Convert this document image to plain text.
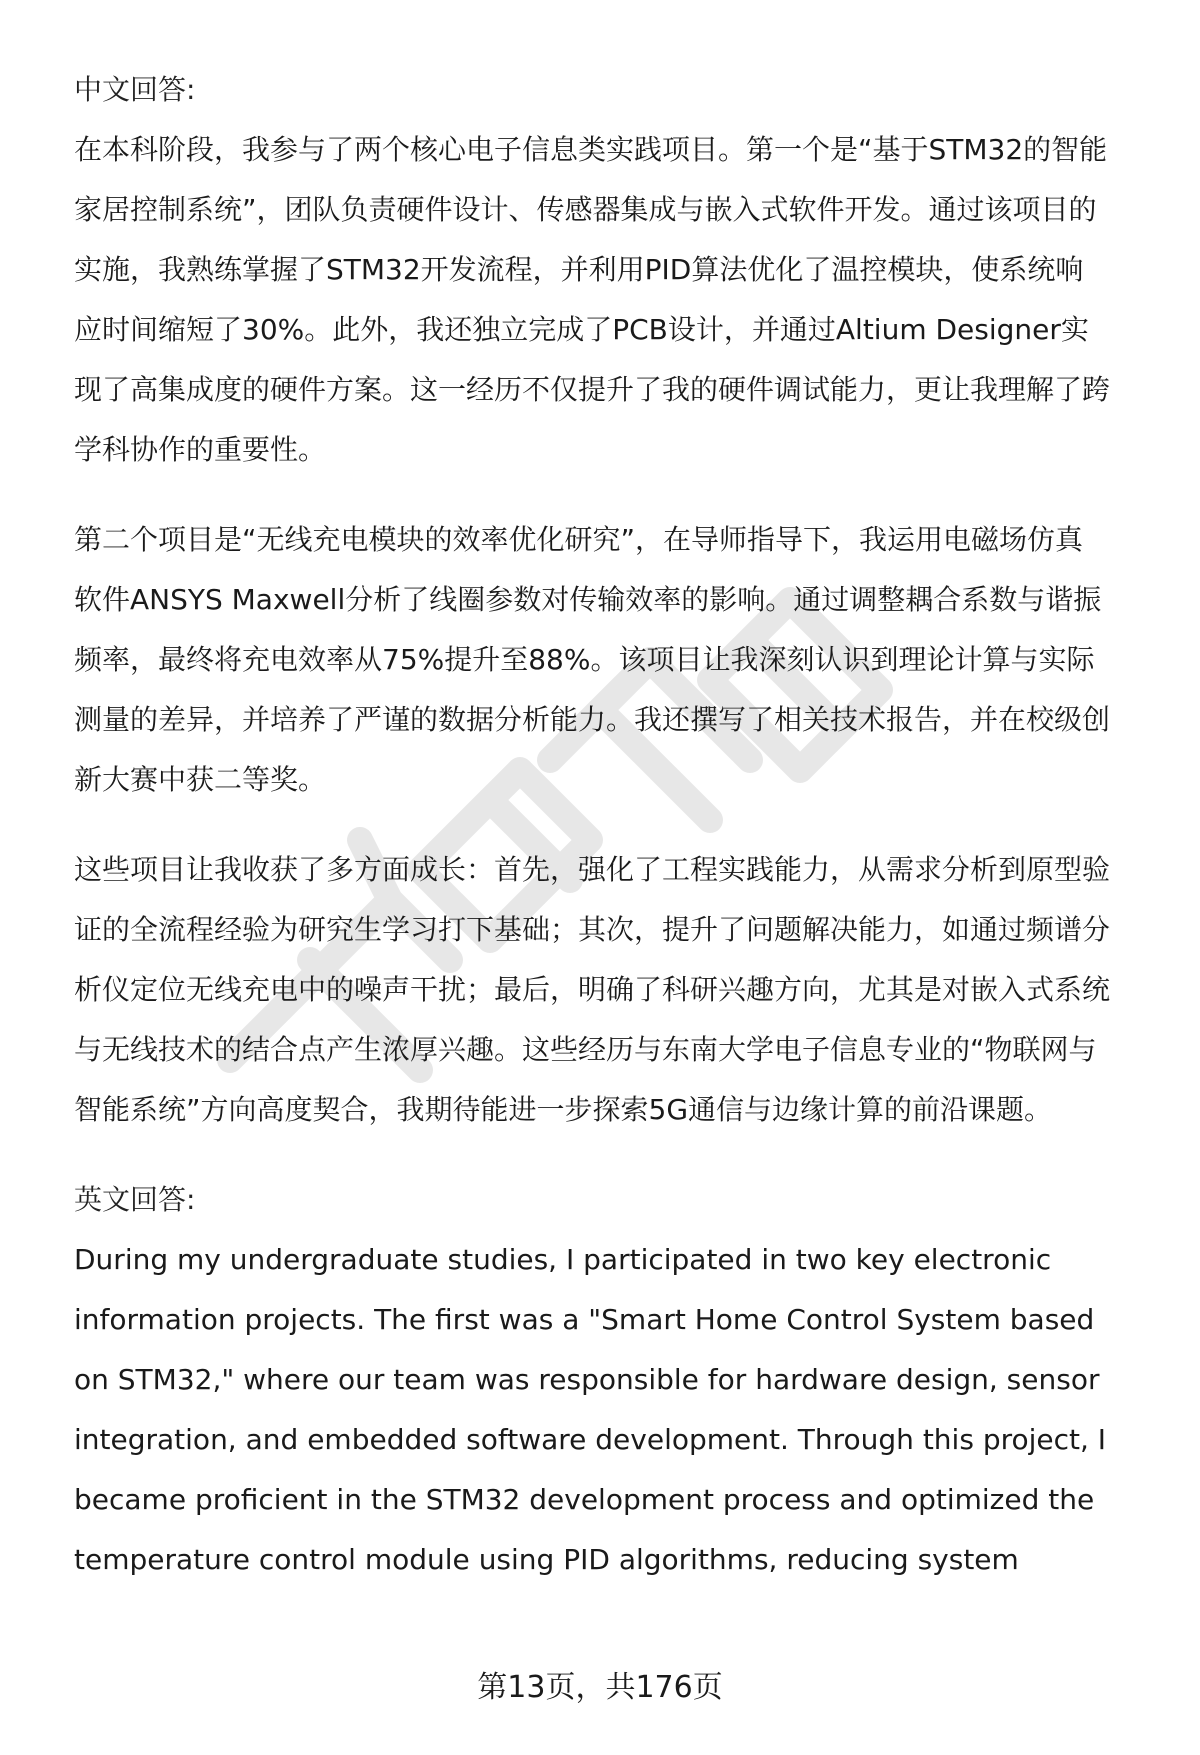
中文回答:

在本科阶段，我参与了两个核心电子信息类实践项目。第一个是“基于STM32的智能家居控制系统”，团队负责硬件设计、传感器集成与嵌入式软件开发。通过该项目的实施，我熟练掌握了STM32开发流程，并利用PID算法优化了温控模块，使系统响应时间缩短了30%。此外，我还独立完成了PCB设计，并通过Altium Designer实现了高集成度的硬件方案。这一经历不仅提升了我的硬件调试能力，更让我理解了跨学科协作的重要性。

第二个项目是“无线充电模块的效率优化研究”，在导师指导下，我运用电磁场仿真软件ANSYS Maxwell分析了线圈参数对传输效率的影响。通过调整耦合系数与谐振频率，最终将充电效率从75%提升至88%。该项目让我深刻认识到理论计算与实际测量的差异，并培养了严谨的数据分析能力。我还撰写了相关技术报告，并在校级创新大赛中获二等奖。

这些项目让我收获了多方面成长：首先，强化了工程实践能力，从需求分析到原型验证的全流程经验为研究生学习打下基础；其次，提升了问题解决能力，如通过频谱分析仪定位无线充电中的噪声干扰；最后，明确了科研兴趣方向，尤其是对嵌入式系统与无线技术的结合点产生浓厚兴趣。这些经历与东南大学电子信息专业的“物联网与智能系统”方向高度契合，我期待能进一步探索5G通信与边缘计算的前沿课题。

英文回答:

During my undergraduate studies, I participated in two key electronic information projects. The first was a "Smart Home Control System based on STM32," where our team was responsible for hardware design, sensor integration, and embedded software development. Through this project, I became proficient in the STM32 development process and optimized the temperature control module using PID algorithms, reducing system

第13页，共176页
